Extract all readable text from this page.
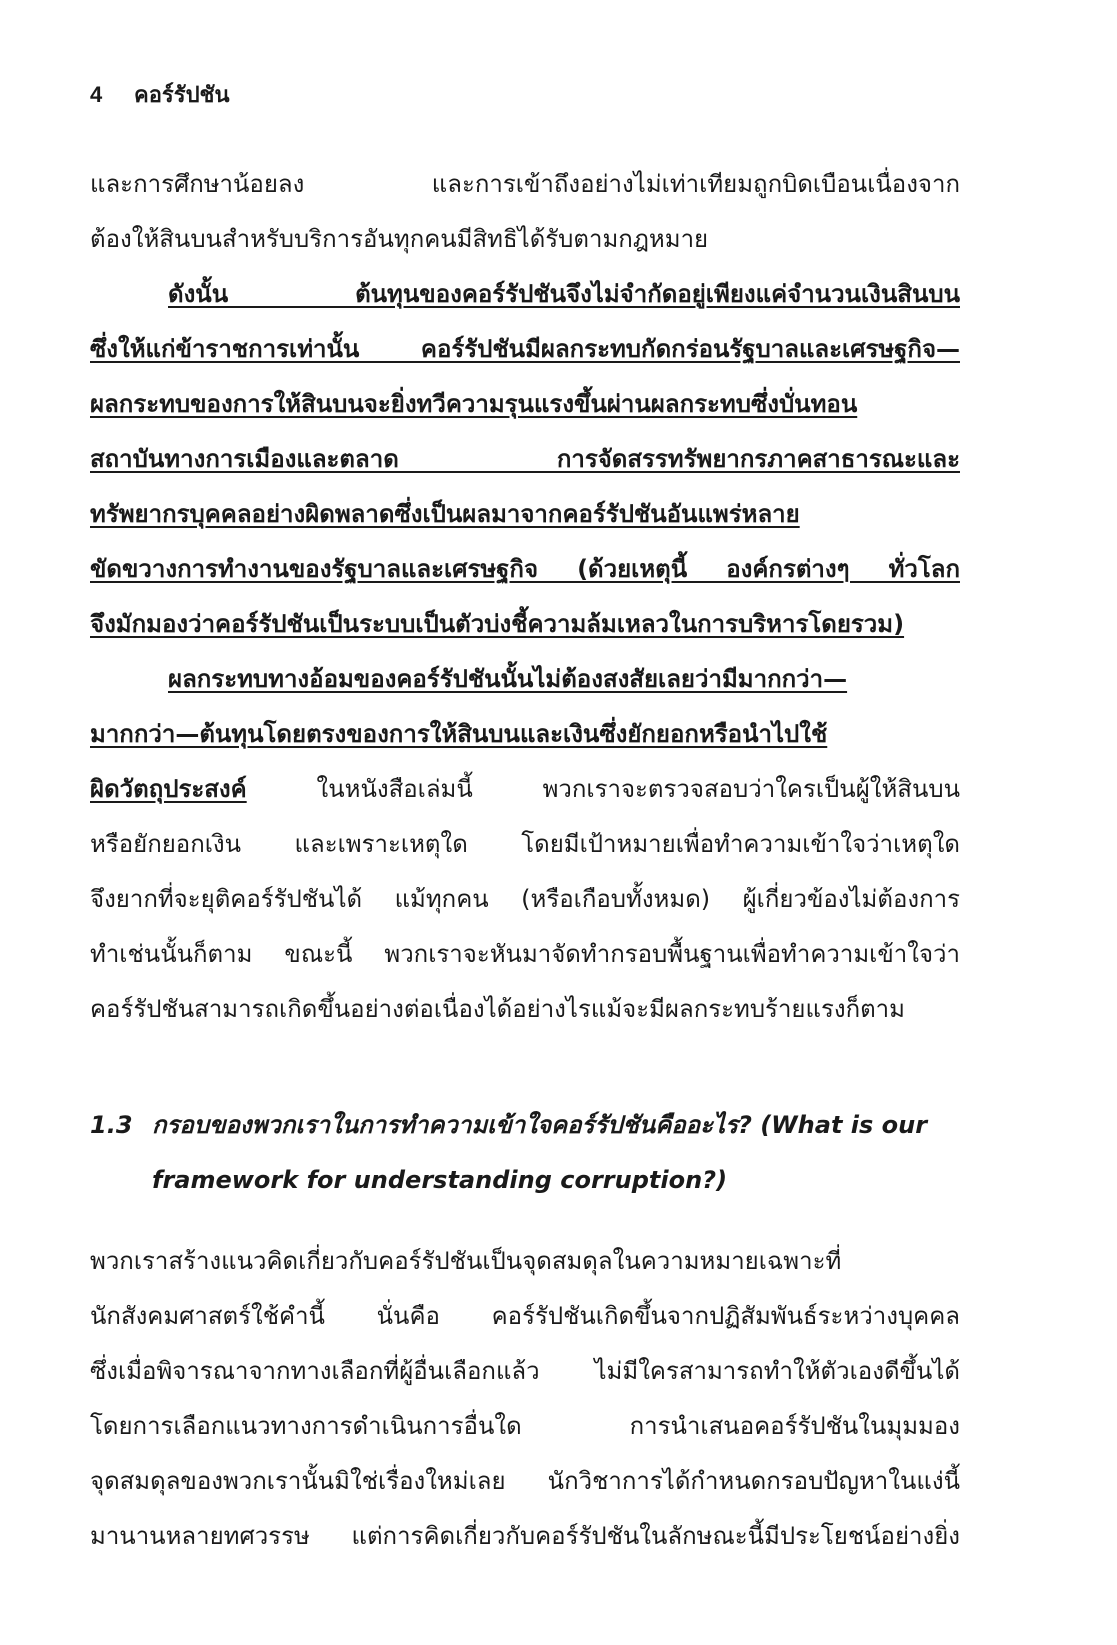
4 คอร์รัปชัน
และการศึกษาน้อยลง และการเข้าถึงอย่างไม่เท่าเทียมถูกบิดเบือนเนื่องจาก
ต้องให้สินบนสำหรับบริการอันทุกคนมีสิทธิได้รับตามกฎหมาย
ดังนั้น ต้นทุนของคอร์รัปชันจึงไม่จำกัดอยู่เพียงแค่จำนวนเงินสินบน
ซึ่งให้แก่ข้าราชการเท่านั้น คอร์รัปชันมีผลกระทบกัดกร่อนรัฐบาลและเศรษฐกิจ—
ผลกระทบของการให้สินบนจะยิ่งทวีความรุนแรงขึ้นผ่านผลกระทบซึ่งบั่นทอน
สถาบันทางการเมืองและตลาด การจัดสรรทรัพยากรภาคสาธารณะและ
ทรัพยากรบุคคลอย่างผิดพลาดซึ่งเป็นผลมาจากคอร์รัปชันอันแพร่หลาย
ขัดขวางการทำงานของรัฐบาลและเศรษฐกิจ (ด้วยเหตุนี้ องค์กรต่างๆ ทั่วโลก
จึงมักมองว่าคอร์รัปชันเป็นระบบเป็นตัวบ่งชี้ความล้มเหลวในการบริหารโดยรวม)
ผลกระทบทางอ้อมของคอร์รัปชันนั้นไม่ต้องสงสัยเลยว่ามีมากกว่า—
มากกว่า—ต้นทุนโดยตรงของการให้สินบนและเงินซึ่งยักยอกหรือนำไปใช้
ผิดวัตถุประสงค์ ในหนังสือเล่มนี้ พวกเราจะตรวจสอบว่าใครเป็นผู้ให้สินบน
หรือยักยอกเงิน และเพราะเหตุใด โดยมีเป้าหมายเพื่อทำความเข้าใจว่าเหตุใด
จึงยากที่จะยุติคอร์รัปชันได้ แม้ทุกคน (หรือเกือบทั้งหมด) ผู้เกี่ยวข้องไม่ต้องการ
ทำเช่นนั้นก็ตาม ขณะนี้ พวกเราจะหันมาจัดทำกรอบพื้นฐานเพื่อทำความเข้าใจว่า
คอร์รัปชันสามารถเกิดขึ้นอย่างต่อเนื่องได้อย่างไรแม้จะมีผลกระทบร้ายแรงก็ตาม
1.3 กรอบของพวกเราในการทำความเข้าใจคอร์รัปชันคืออะไร? (What is our
framework for understanding corruption?)
พวกเราสร้างแนวคิดเกี่ยวกับคอร์รัปชันเป็นจุดสมดุลในความหมายเฉพาะที่
นักสังคมศาสตร์ใช้คำนี้ นั่นคือ คอร์รัปชันเกิดขึ้นจากปฏิสัมพันธ์ระหว่างบุคคล
ซึ่งเมื่อพิจารณาจากทางเลือกที่ผู้อื่นเลือกแล้ว ไม่มีใครสามารถทำให้ตัวเองดีขึ้นได้
โดยการเลือกแนวทางการดำเนินการอื่นใด การนำเสนอคอร์รัปชันในมุมมอง
จุดสมดุลของพวกเรานั้นมิใช่เรื่องใหม่เลย นักวิชาการได้กำหนดกรอบปัญหาในแง่นี้
มานานหลายทศวรรษ แต่การคิดเกี่ยวกับคอร์รัปชันในลักษณะนี้มีประโยชน์อย่างยิ่ง
